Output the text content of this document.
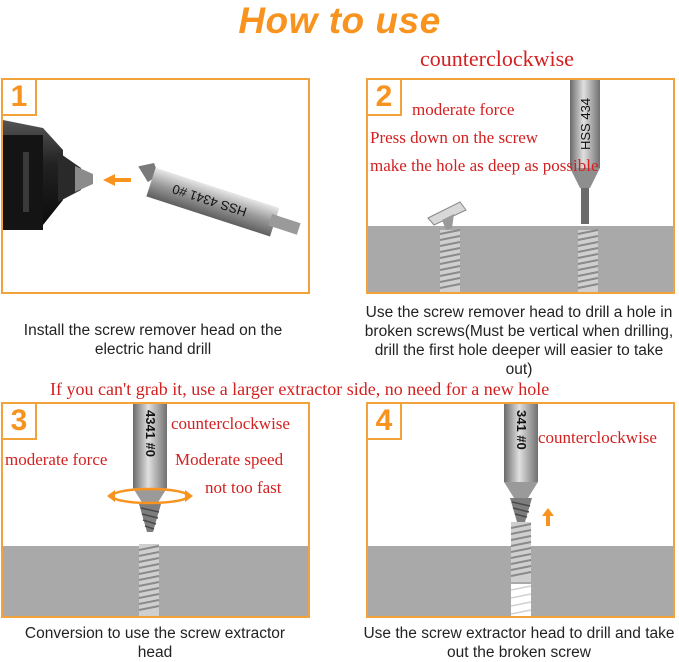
How to use
counterclockwise
1
HSS 4341 #0
Install the screw remover head on the electric hand drill
2
HSS 434
moderate force
Press down on the screw
make the hole as deep as possible
Use the screw remover head to drill a hole in broken screws(Must be vertical when drilling, drill the first hole deeper will easier to take out)
If you can't grab it, use a larger extractor side, no need for a new hole
3	4341 #0 counterclockwise
moderate force	Moderate speed
not too fast
Conversion to use the screw extractor head
4	341 #0 counterclockwise
Use the screw extractor head to drill and take out the broken screw
